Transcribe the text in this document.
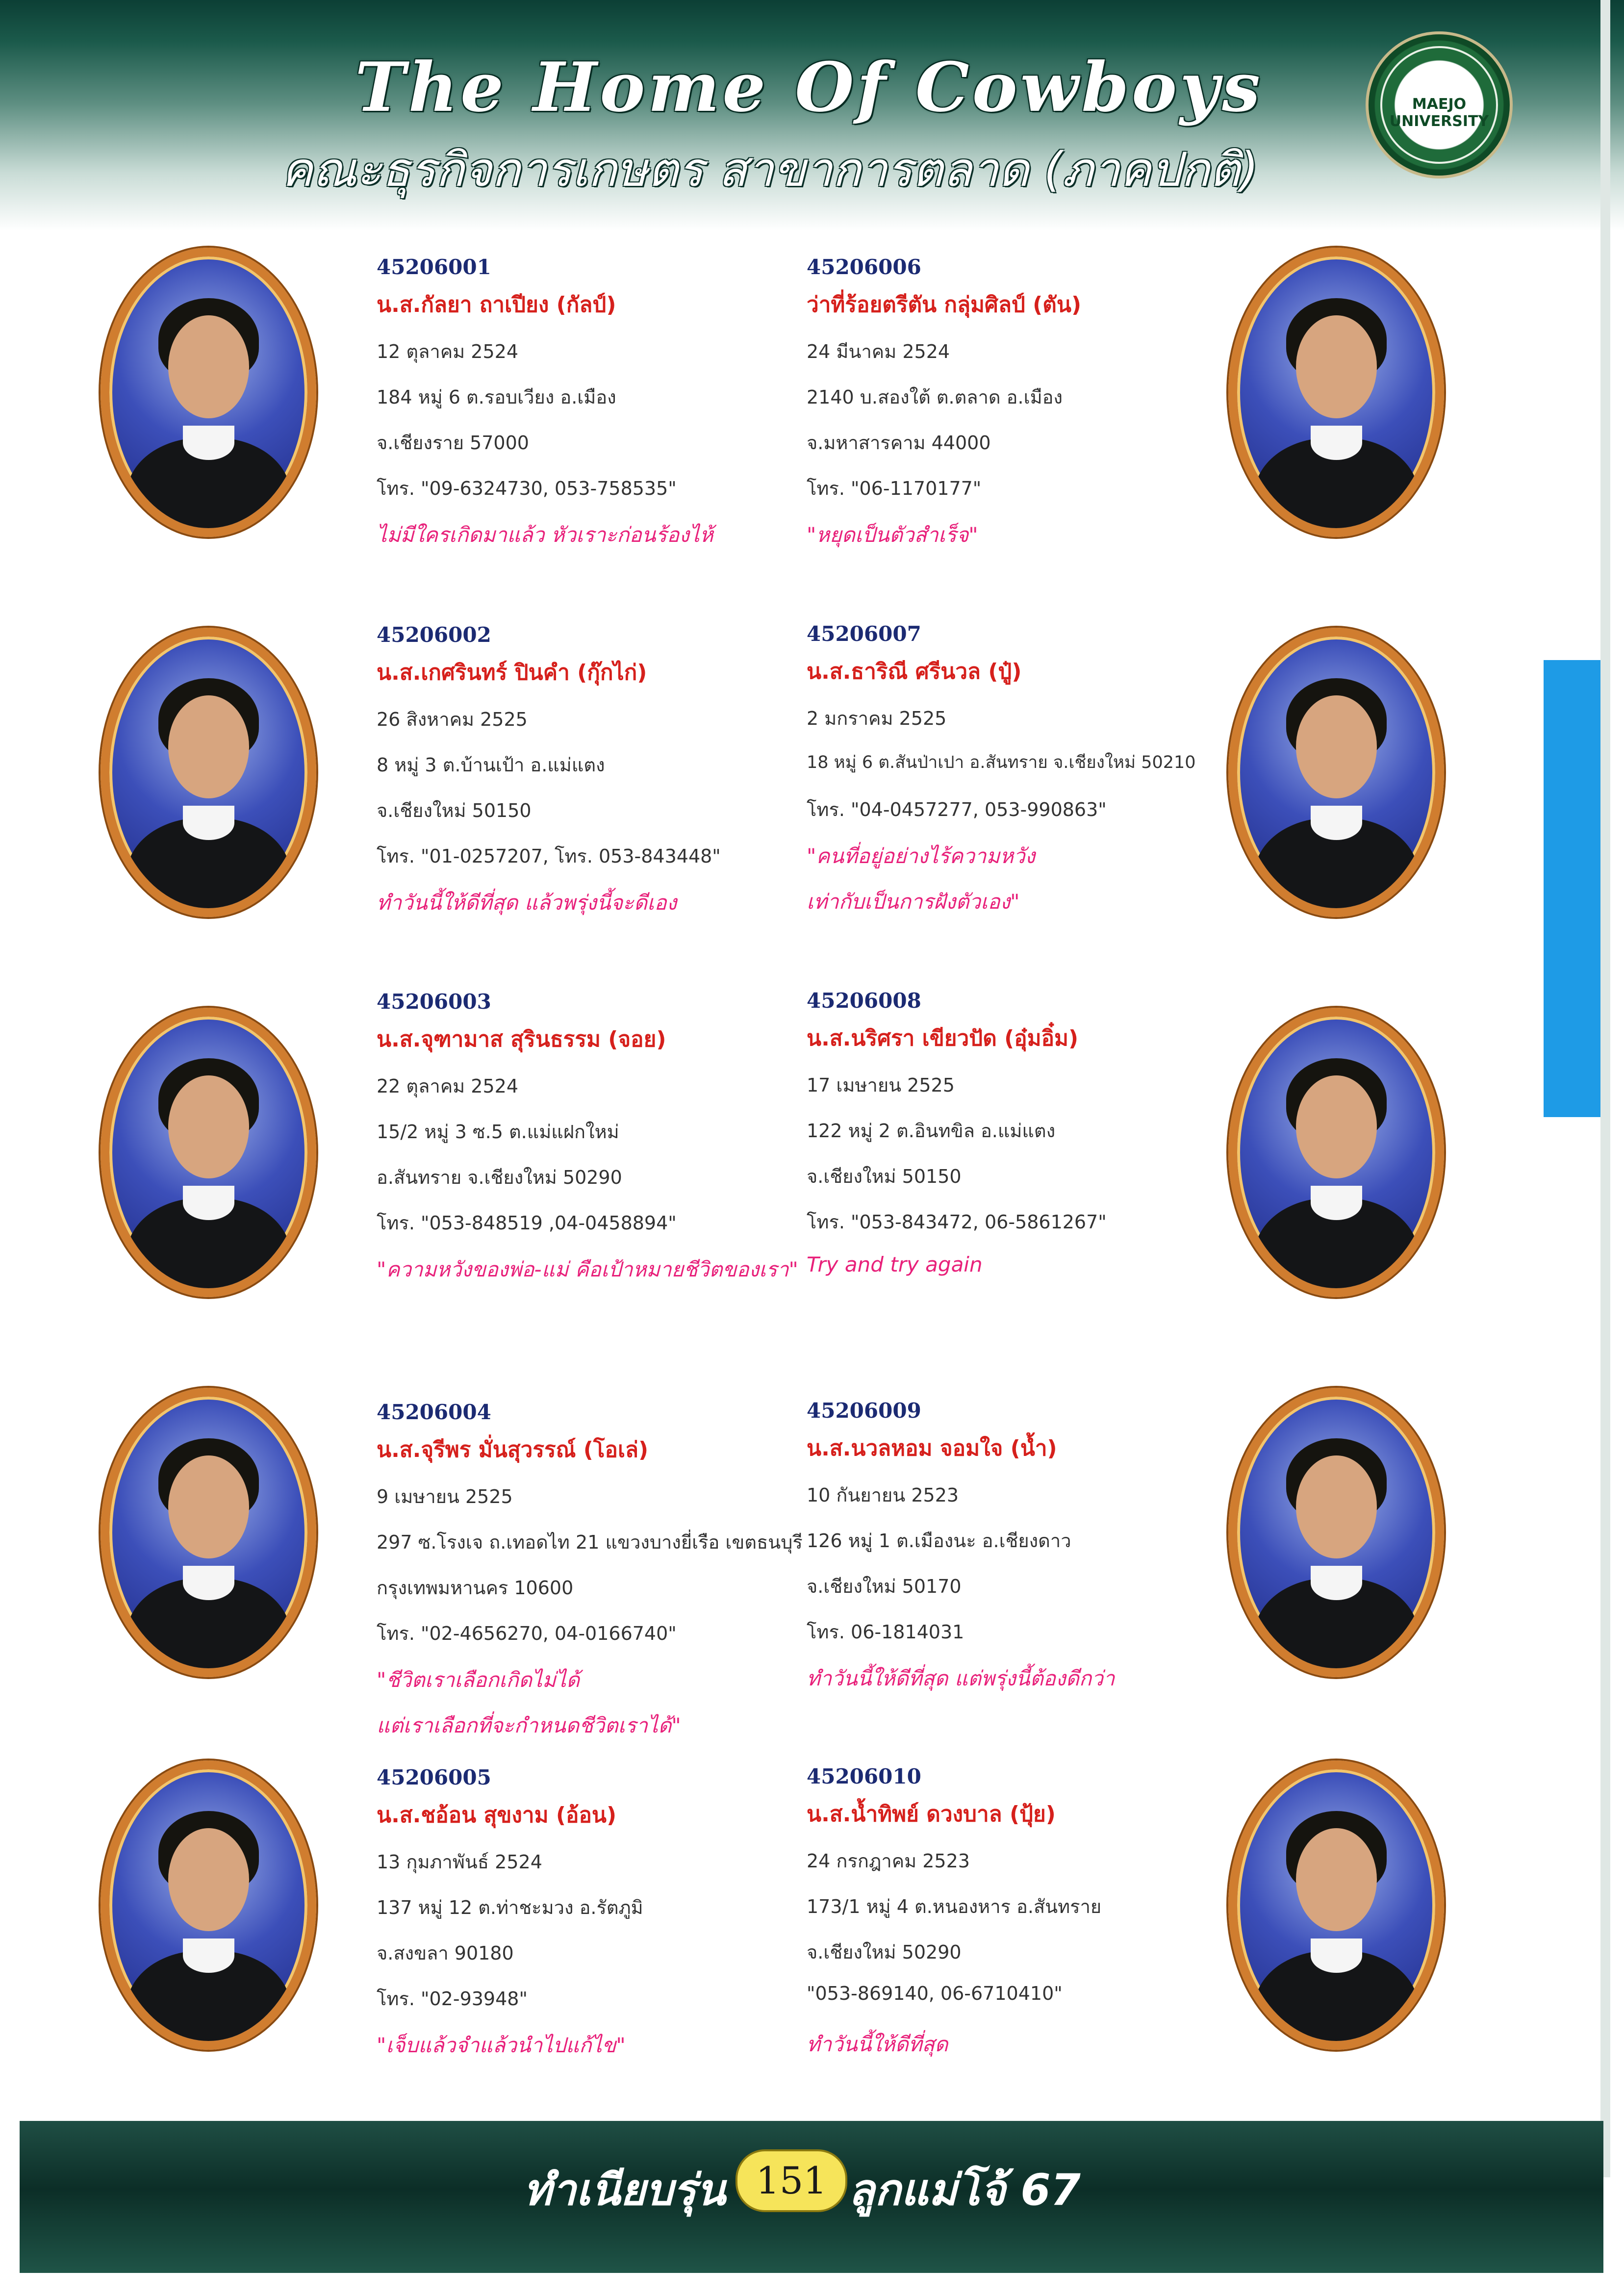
The Home Of Cowboys
คณะธุรกิจการเกษตร สาขาการตลาด (ภาคปกติ)
MAEJO UNIVERSITY
45206001
น.ส.กัลยา ถาเปียง (กัลป์)
12 ตุลาคม 2524
184 หมู่ 6 ต.รอบเวียง อ.เมือง
จ.เชียงราย 57000
โทร. "09-6324730, 053-758535"
ไม่มีใครเกิดมาแล้ว หัวเราะก่อนร้องไห้
45206002
น.ส.เกศรินทร์ ปินคำ (กุ๊กไก่)
26 สิงหาคม 2525
8 หมู่ 3 ต.บ้านเป้า อ.แม่แตง
จ.เชียงใหม่ 50150
โทร. "01-0257207, โทร. 053-843448"
ทำวันนี้ให้ดีที่สุด แล้วพรุ่งนี้จะดีเอง
45206003
น.ส.จุฑามาส สุรินธรรม (จอย)
22 ตุลาคม 2524
15/2 หมู่ 3 ซ.5 ต.แม่แฝกใหม่
อ.สันทราย จ.เชียงใหม่ 50290
โทร. "053-848519 ,04-0458894"
"ความหวังของพ่อ-แม่ คือเป้าหมายชีวิตของเรา"
45206004
น.ส.จุรีพร มั่นสุวรรณ์ (โอเล่)
9 เมษายน 2525
297 ซ.โรงเจ ถ.เทอดไท 21 แขวงบางยี่เรือ เขตธนบุรี
กรุงเทพมหานคร 10600
โทร. "02-4656270, 04-0166740"
"ชีวิตเราเลือกเกิดไม่ได้
แต่เราเลือกที่จะกำหนดชีวิตเราได้"
45206005
น.ส.ชอ้อน สุขงาม (อ้อน)
13 กุมภาพันธ์ 2524
137 หมู่ 12 ต.ท่าชะมวง อ.รัตภูมิ
จ.สงขลา 90180
โทร. "02-93948"
"เจ็บแล้วจำแล้วนำไปแก้ไข"
45206006
ว่าที่ร้อยตรีตัน กลุ่มศิลป์ (ตัน)
24 มีนาคม 2524
2140 บ.สองใต้ ต.ตลาด อ.เมือง
จ.มหาสารคาม 44000
โทร. "06-1170177"
"หยุดเป็นตัวสำเร็จ"
45206007
น.ส.ธาริณี ศรีนวล (ปู๋)
2 มกราคม 2525
18 หมู่ 6 ต.สันป่าเปา อ.สันทราย จ.เชียงใหม่ 50210
โทร. "04-0457277, 053-990863"
"คนที่อยู่อย่างไร้ความหวัง
เท่ากับเป็นการฝังตัวเอง"
45206008
น.ส.นริศรา เขียวปัด (อุ๋มอิ๋ม)
17 เมษายน 2525
122 หมู่ 2 ต.อินทขิล อ.แม่แตง
จ.เชียงใหม่ 50150
โทร. "053-843472, 06-5861267"
Try and try again
45206009
น.ส.นวลหอม จอมใจ (น้ำ)
10 กันยายน 2523
126 หมู่ 1 ต.เมืองนะ อ.เชียงดาว
จ.เชียงใหม่ 50170
โทร. 06-1814031
ทำวันนี้ให้ดีที่สุด แต่พรุ่งนี้ต้องดีกว่า
45206010
น.ส.น้ำทิพย์ ดวงบาล (ปุ้ย)
24 กรกฎาคม 2523
173/1 หมู่ 4 ต.หนองหาร อ.สันทราย
จ.เชียงใหม่ 50290
"053-869140, 06-6710410"
ทำวันนี้ให้ดีที่สุด
ทำเนียบรุ่น 151 ลูกแม่โจ้ 67
